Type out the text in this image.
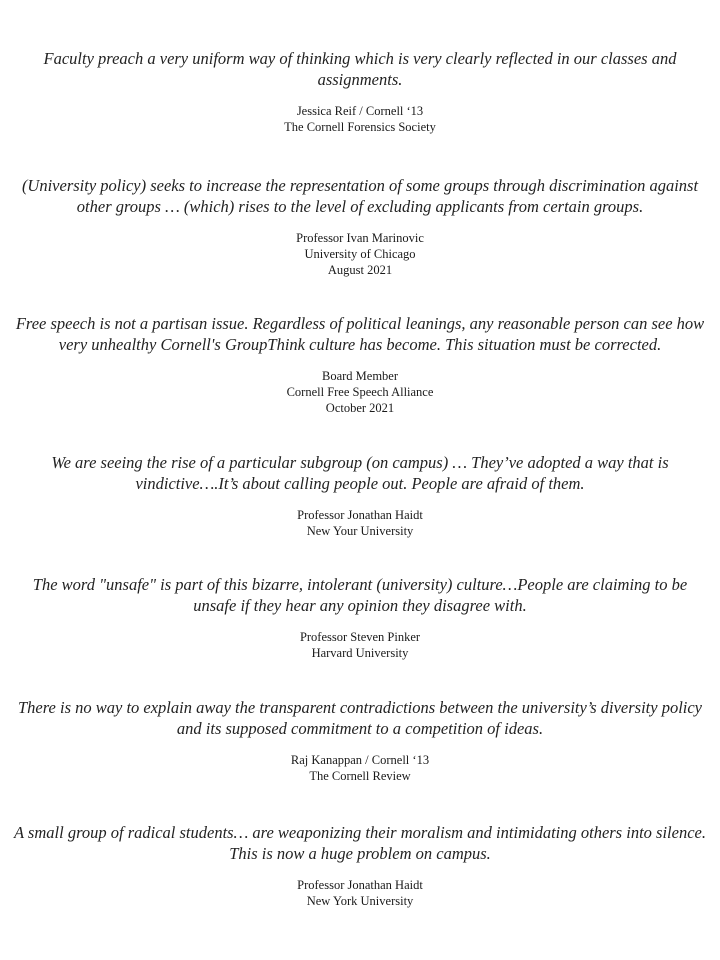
Faculty preach a very uniform way of thinking which is very clearly reflected in our classes and assignments.

Jessica Reif / Cornell ‘13
The Cornell Forensics Society

(University policy) seeks to increase the representation of some groups through discrimination against other groups … (which) rises to the level of excluding applicants from certain groups.

Professor Ivan Marinovic
University of Chicago
August 2021

Free speech is not a partisan issue. Regardless of political leanings, any reasonable person can see how very unhealthy Cornell's GroupThink culture has become. This situation must be corrected.

Board Member
Cornell Free Speech Alliance
October 2021

We are seeing the rise of a particular subgroup (on campus) … They’ve adopted a way that is vindictive….It’s about calling people out. People are afraid of them.

Professor Jonathan Haidt
New Your University

The word "unsafe" is part of this bizarre, intolerant (university) culture…People are claiming to be unsafe if they hear any opinion they disagree with.

Professor Steven Pinker
Harvard University

There is no way to explain away the transparent contradictions between the university’s diversity policy and its supposed commitment to a competition of ideas.

Raj Kanappan / Cornell ‘13
The Cornell Review

A small group of radical students… are weaponizing their moralism and intimidating others into silence. This is now a huge problem on campus.

Professor Jonathan Haidt
New York University
